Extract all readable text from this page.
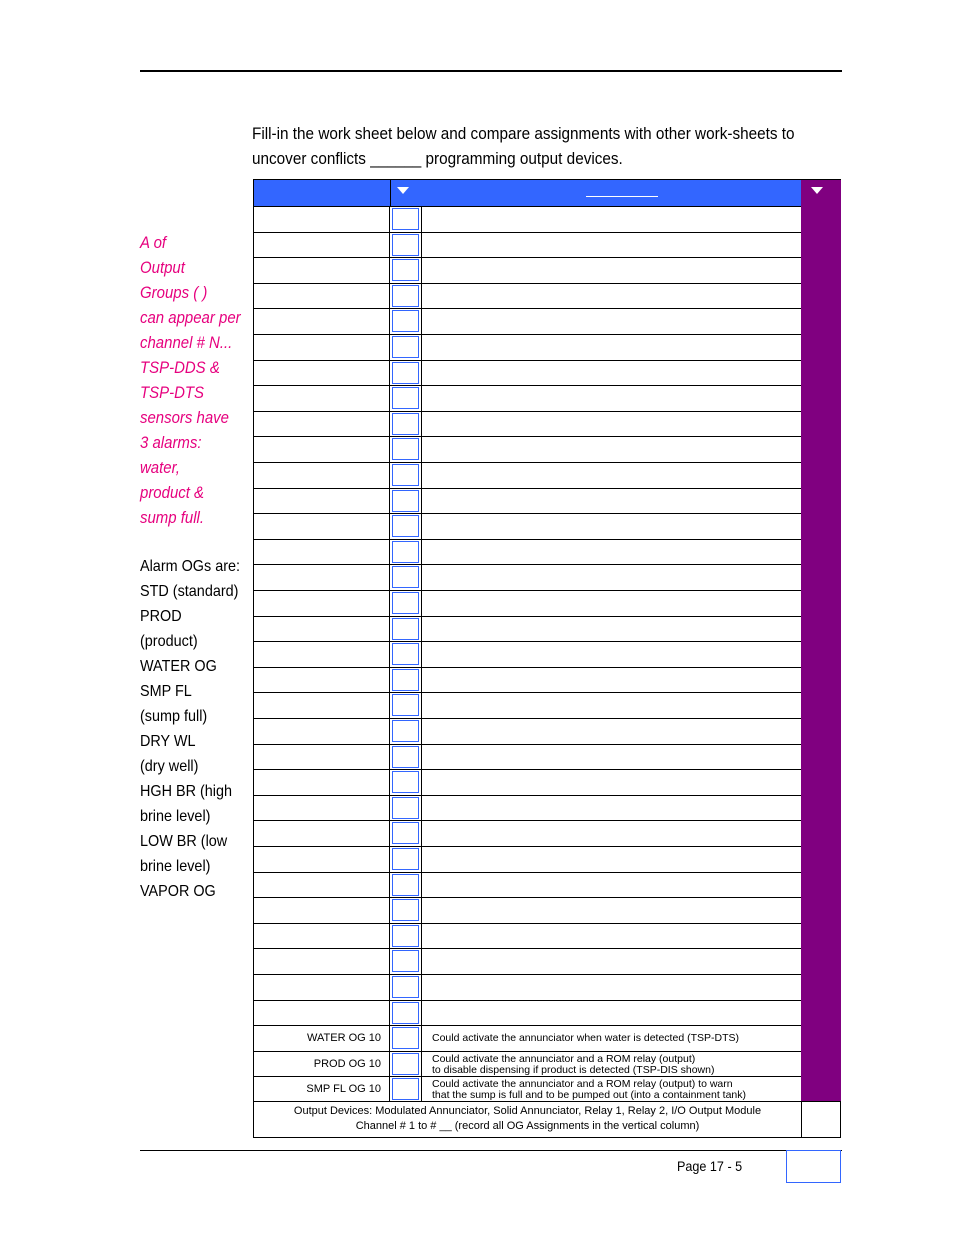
Fill-in the work sheet below and compare assignments with other work-sheets to
uncover conflicts ______ programming output devices.
A of
Output
Groups ( )
can appear per
channel # N...
TSP-DDS &
TSP-DTS
sensors have
3 alarms:
water,
product &
sump full.
Alarm OGs are:
STD (standard)
PROD
(product)
WATER OG
SMP FL
(sump full)
DRY WL
(dry well)
HGH BR (high
brine level)
LOW BR (low
brine level)
VAPOR OG
WATER OG 10	Could activate the annunciator when water is detected (TSP-DTS)
PROD OG 10	Could activate the annunciator and a ROM relay (output)
to disable dispensing if product is detected (TSP-DIS shown)
SMP FL OG 10	Could activate the annunciator and a ROM relay (output) to warn
that the sump is full and to be pumped out (into a containment tank)
Output Devices: Modulated Annunciator, Solid Annunciator, Relay 1, Relay 2, I/O Output Module
Channel # 1 to # __ (record all OG Assignments in the vertical column)
Page 17 - 5
